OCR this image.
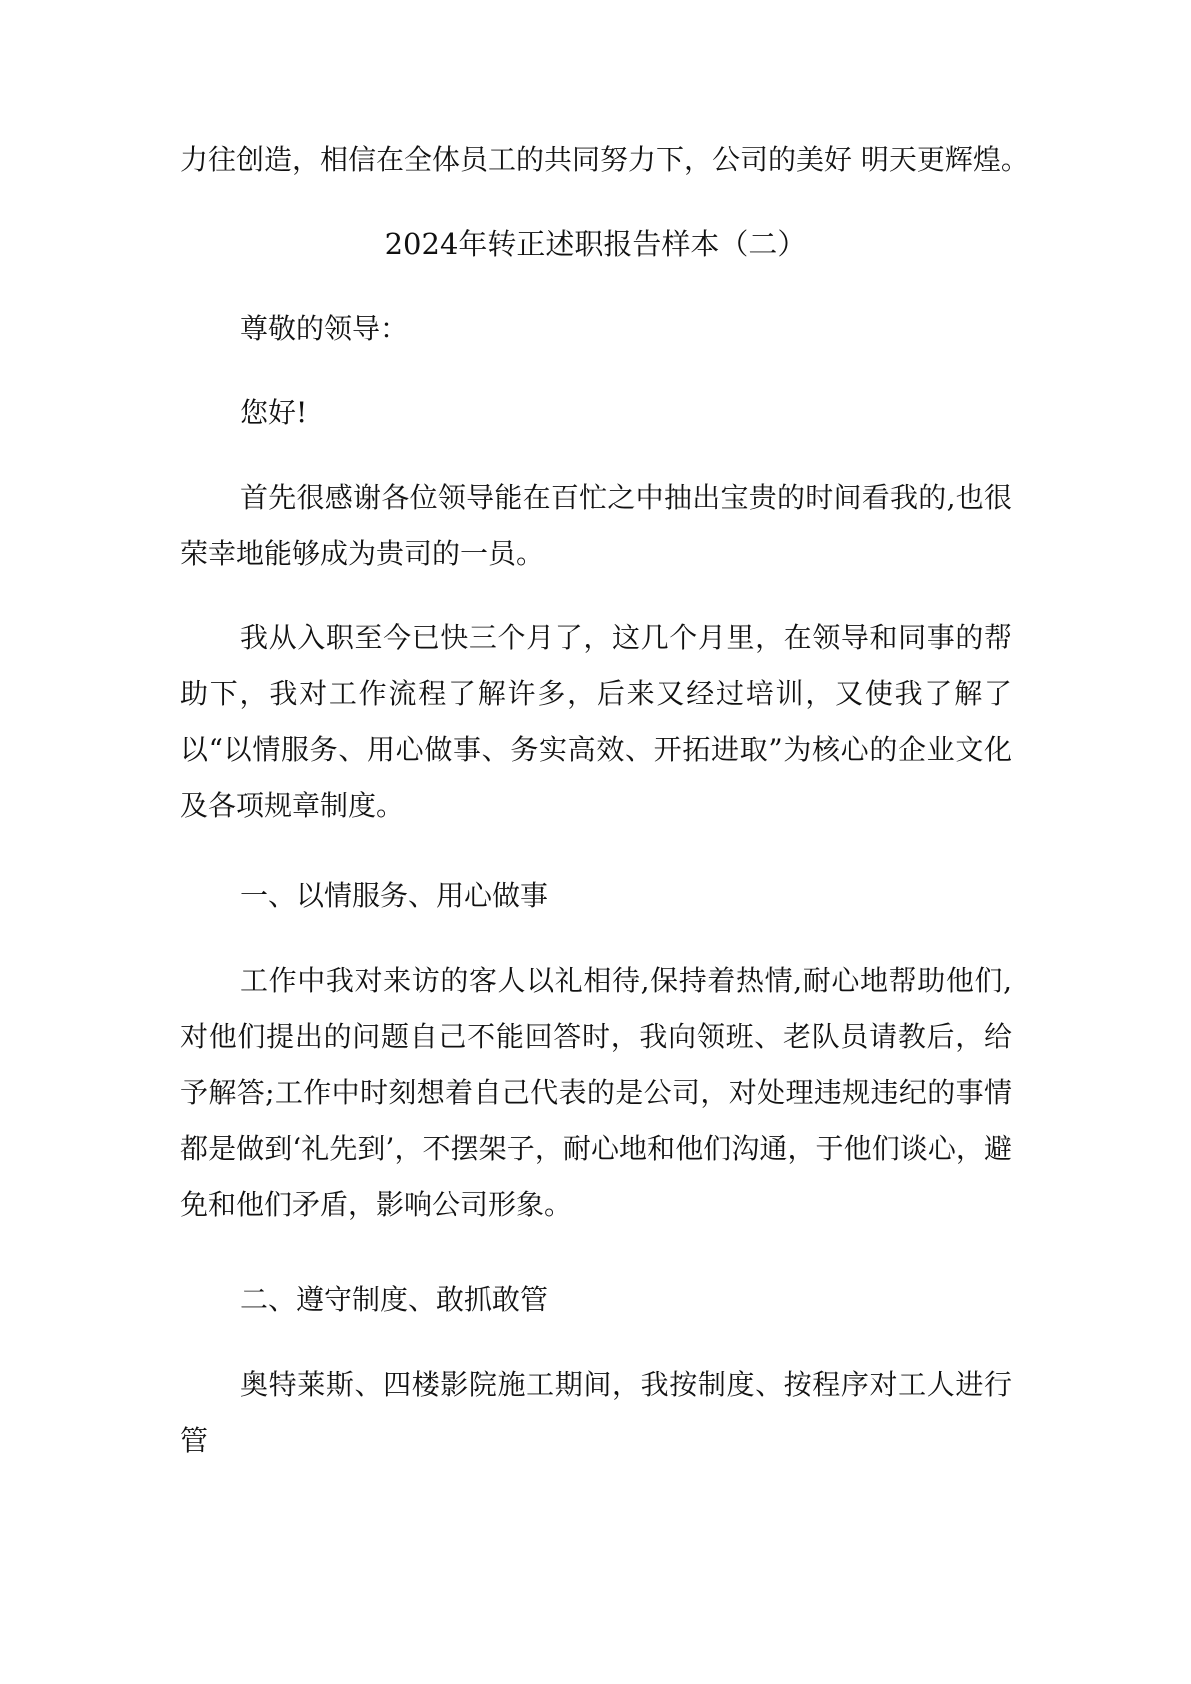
力往创造，相信在全体员工的共同努力下，公司的美好 明天更辉煌。
2024年转正述职报告样本（二）
尊敬的领导：
您好!
首先很感谢各位领导能在百忙之中抽出宝贵的时间看我的,也很荣幸地能够成为贵司的一员。
我从入职至今已快三个月了，这几个月里，在领导和同事的帮助下，我对工作流程了解许多，后来又经过培训，又使我了解了以“以情服务、用心做事、务实高效、开拓进取”为核心的企业文化及各项规章制度。
一、以情服务、用心做事
工作中我对来访的客人以礼相待,保持着热情,耐心地帮助他们,对他们提出的问题自己不能回答时，我向领班、老队员请教后，给予解答;工作中时刻想着自己代表的是公司，对处理违规违纪的事情都是做到‘礼先到’，不摆架子，耐心地和他们沟通，于他们谈心，避免和他们矛盾，影响公司形象。
二、遵守制度、敢抓敢管
奥特莱斯、四楼影院施工期间，我按制度、按程序对工人进行管
